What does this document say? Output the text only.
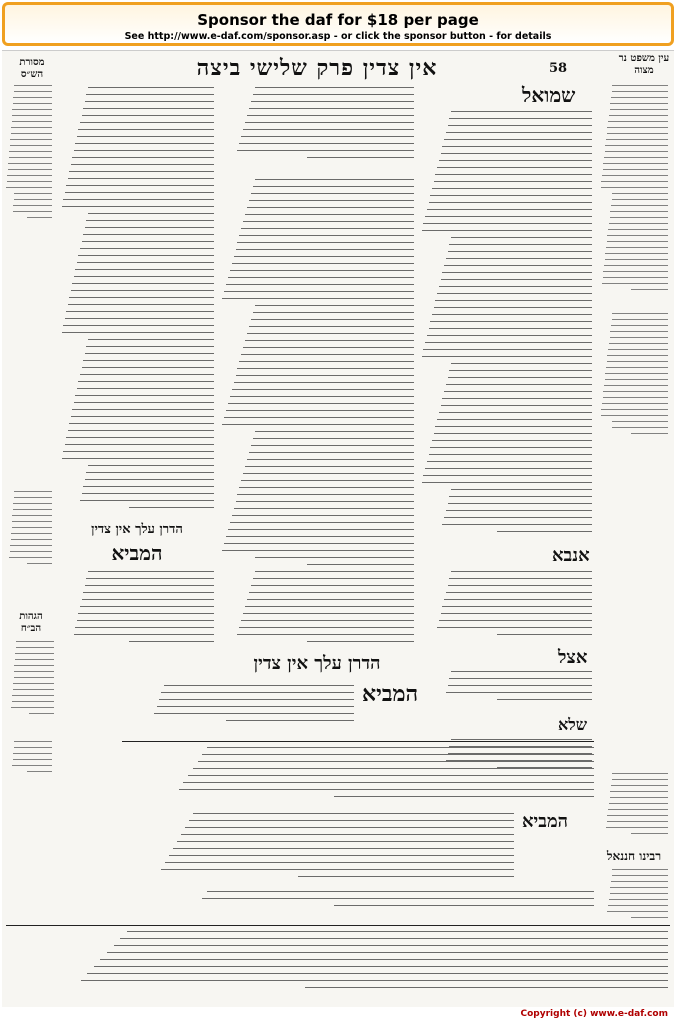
Sponsor the daf for $18 per page
See http://www.e-daf.com/sponsor.asp - or click the sponsor button - for details
אין צדין פרק שלישי ביצה	58
מסורת הש״ס
עין משפט נר מצוה
הגהות הב״ח
שמואל
אנבא
אצל
שלא
הדרן עלך אין צדין
המביא
הדרן עלך אין צדין
המביא
המביא
רבינו חננאל
Copyright (c) www.e-daf.com
